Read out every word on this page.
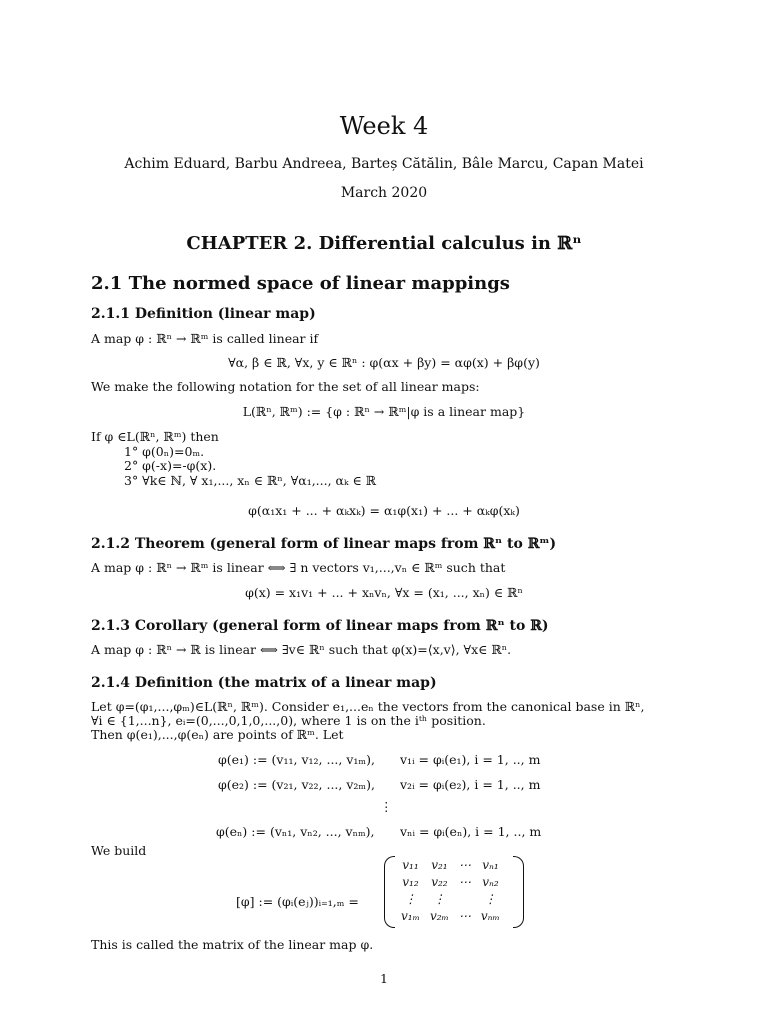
Week 4
Achim Eduard, Barbu Andreea, Barteș Cătălin, Bâle Marcu, Capan Matei
March 2020
CHAPTER 2. Differential calculus in ℝⁿ
2.1 The normed space of linear mappings
2.1.1 Definition (linear map)
A map φ : ℝⁿ → ℝᵐ is called linear if
∀α, β ∈ ℝ, ∀x, y ∈ ℝⁿ : φ(αx + βy) = αφ(x) + βφ(y)
We make the following notation for the set of all linear maps:
L(ℝⁿ, ℝᵐ) := {φ : ℝⁿ → ℝᵐ|φ is a linear map}
If φ ∈L(ℝⁿ, ℝᵐ) then
1° φ(0ₙ)=0ₘ.
2° φ(-x)=-φ(x).
3° ∀k∈ ℕ, ∀ x₁,..., xₙ ∈ ℝⁿ, ∀α₁,..., αₖ ∈ ℝ
φ(α₁x₁ + ... + αₖxₖ) = α₁φ(x₁) + ... + αₖφ(xₖ)
2.1.2 Theorem (general form of linear maps from ℝⁿ to ℝᵐ)
A map φ : ℝⁿ → ℝᵐ is linear ⟺ ∃ n vectors v₁,...,vₙ ∈ ℝᵐ such that
φ(x) = x₁v₁ + ... + xₙvₙ, ∀x = (x₁, ..., xₙ) ∈ ℝⁿ
2.1.3 Corollary (general form of linear maps from ℝⁿ to ℝ)
A map φ : ℝⁿ → ℝ is linear ⟺ ∃v∈ ℝⁿ such that φ(x)=⟨x,v⟩, ∀x∈ ℝⁿ.
2.1.4 Definition (the matrix of a linear map)
Let φ=(φ₁,...,φₘ)∈L(ℝⁿ, ℝᵐ). Consider e₁,...eₙ the vectors from the canonical base in ℝⁿ,
∀i ∈ {1,...n}, eᵢ=(0,...,0,1,0,...,0), where 1 is on the iᵗʰ position.
Then φ(e₁),...,φ(eₙ) are points of ℝᵐ. Let
φ(e₁) := (v₁₁, v₁₂, ..., v₁ₘ), v₁ᵢ = φᵢ(e₁), i = 1, .., m
φ(e₂) := (v₂₁, v₂₂, ..., v₂ₘ), v₂ᵢ = φᵢ(e₂), i = 1, .., m
⋮
φ(eₙ) := (vₙ₁, vₙ₂, ..., vₙₘ), vₙᵢ = φᵢ(eₙ), i = 1, .., m
We build
[φ] := (φᵢ(eⱼ))ᵢ₌₁,ₘ =
v₁₁	v₂₁	⋯	vₙ₁
v₁₂	v₂₂	⋯	vₙ₂
⋮	⋮		⋮
v₁ₘ	v₂ₘ	⋯	vₙₘ
This is called the matrix of the linear map φ.
1
